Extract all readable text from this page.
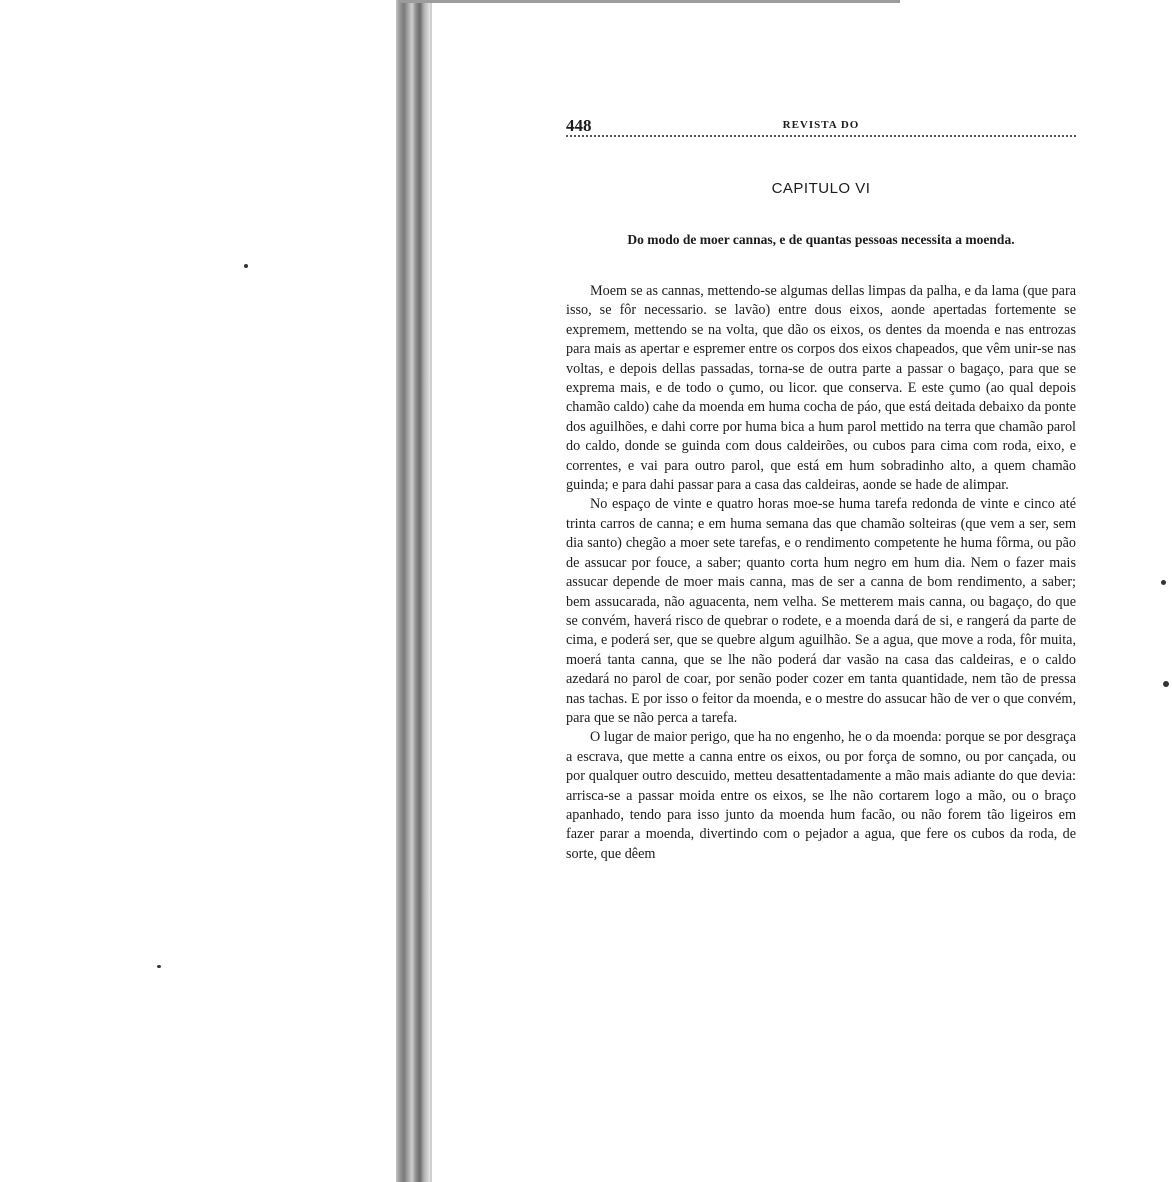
448	REVISTA DO
CAPITULO VI
Do modo de moer cannas, e de quantas pessoas necessita a moenda.

Moem se as cannas, mettendo-se algumas dellas limpas da palha, e da lama (que para isso, se fôr necessario. se lavão) entre dous eixos, aonde apertadas fortemente se expremem, mettendo se na volta, que dão os eixos, os dentes da moenda e nas entrozas para mais as apertar e espremer entre os corpos dos eixos chapeados, que vêm unir-se nas voltas, e depois dellas passadas, torna-se de outra parte a passar o bagaço, para que se exprema mais, e de todo o çumo, ou licor. que conserva. E este çumo (ao qual depois chamão caldo) cahe da moenda em huma cocha de páo, que está deitada debaixo da ponte dos aguilhões, e dahi corre por huma bica a hum parol mettido na terra que chamão parol do caldo, donde se guinda com dous caldeirões, ou cubos para cima com roda, eixo, e correntes, e vai para outro parol, que está em hum sobradinho alto, a quem chamão guinda; e para dahi passar para a casa das caldeiras, aonde se hade de alimpar.

No espaço de vinte e quatro horas moe-se huma tarefa redonda de vinte e cinco até trinta carros de canna; e em huma semana das que chamão solteiras (que vem a ser, sem dia santo) chegão a moer sete tarefas, e o rendimento competente he huma fôrma, ou pão de assucar por fouce, a saber; quanto corta hum negro em hum dia. Nem o fazer mais assucar depende de moer mais canna, mas de ser a canna de bom rendimento, a saber; bem assucarada, não aguacenta, nem velha. Se metterem mais canna, ou bagaço, do que se convém, haverá risco de quebrar o rodete, e a moenda dará de si, e rangerá da parte de cima, e poderá ser, que se quebre algum aguilhão. Se a agua, que move a roda, fôr muita, moerá tanta canna, que se lhe não poderá dar vasão na casa das caldeiras, e o caldo azedará no parol de coar, por senão poder cozer em tanta quantidade, nem tão de pressa nas tachas. E por isso o feitor da moenda, e o mestre do assucar hão de ver o que convém, para que se não perca a tarefa.

O lugar de maior perigo, que ha no engenho, he o da moenda: porque se por desgraça a escrava, que mette a canna entre os eixos, ou por força de somno, ou por cançada, ou por qualquer outro descuido, metteu desattentadamente a mão mais adiante do que devia: arrisca-se a passar moida entre os eixos, se lhe não cortarem logo a mão, ou o braço apanhado, tendo para isso junto da moenda hum facão, ou não forem tão ligeiros em fazer parar a moenda, divertindo com o pejador a agua, que fere os cubos da roda, de sorte, que dêem
